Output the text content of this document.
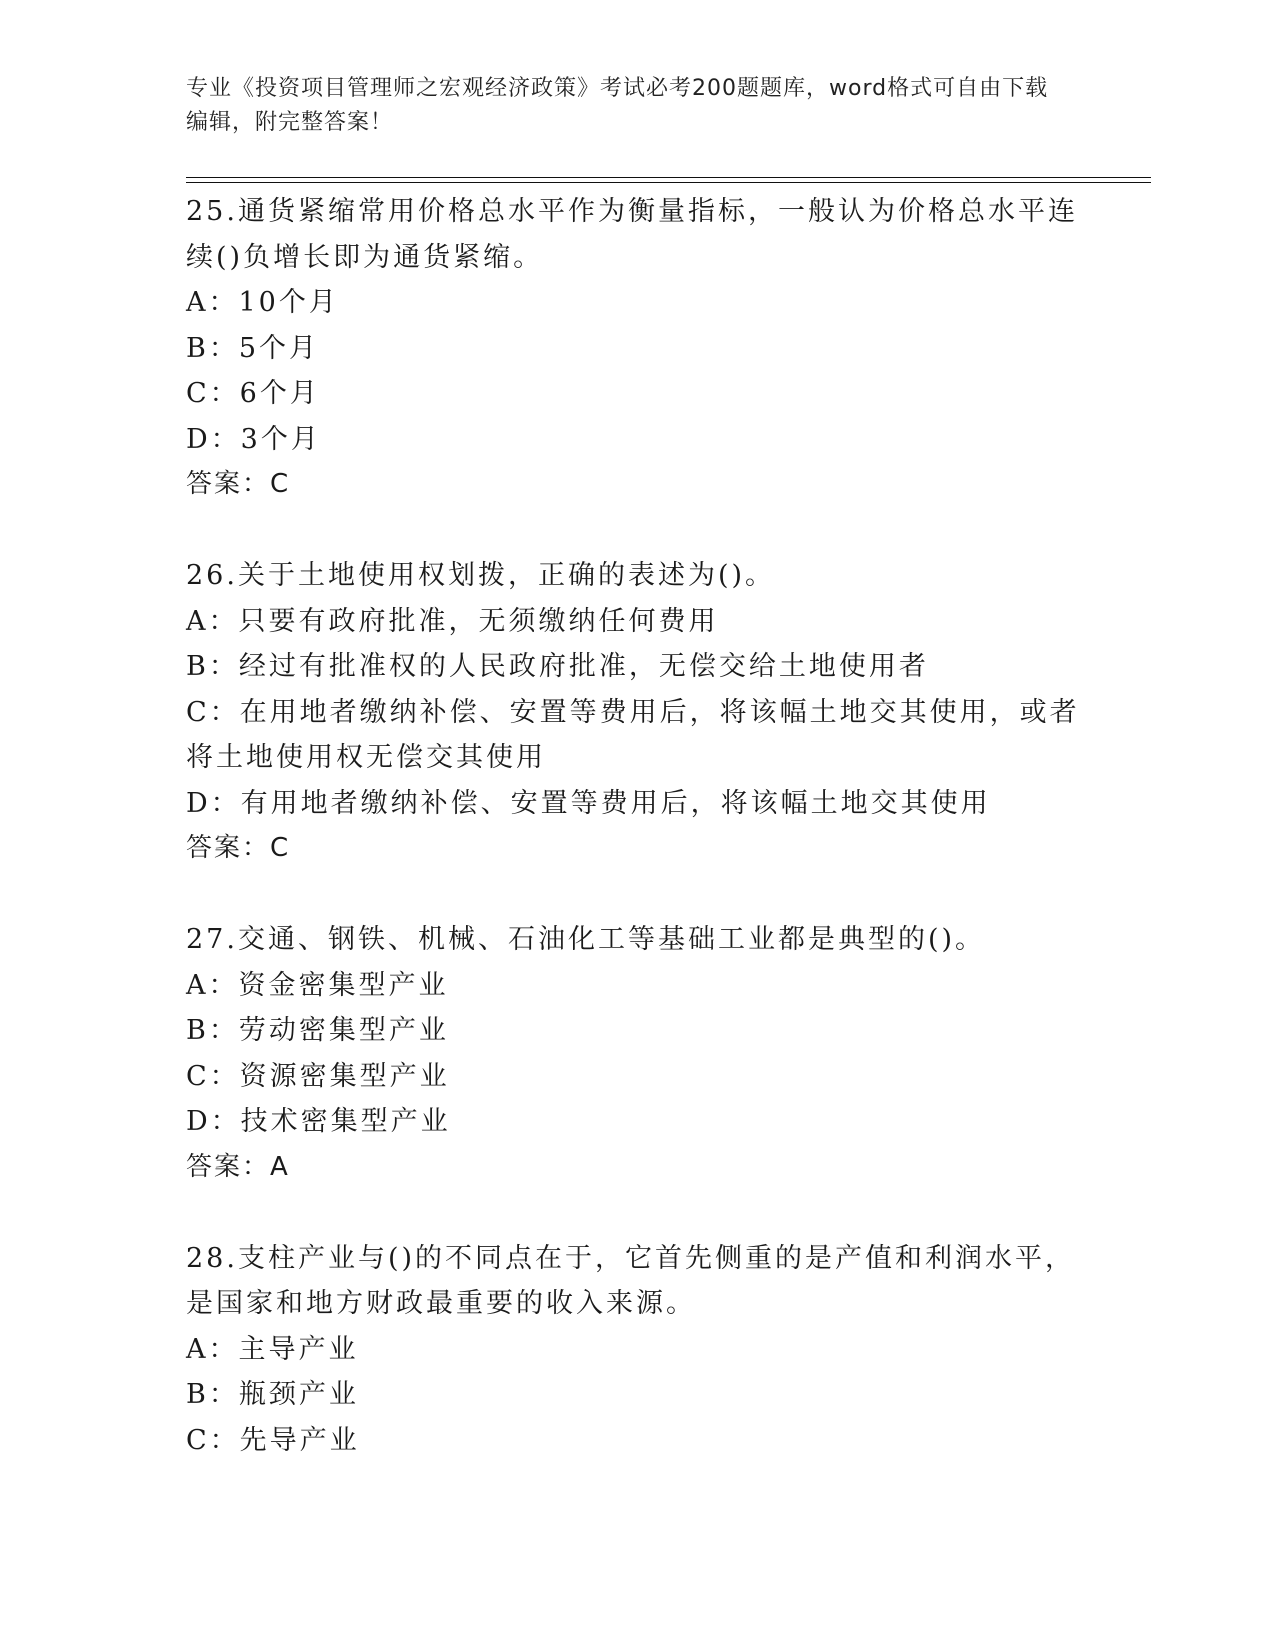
专业《投资项目管理师之宏观经济政策》考试必考200题题库，word格式可自由下载编辑，附完整答案！

25.通货紧缩常用价格总水平作为衡量指标，一般认为价格总水平连续()负增长即为通货紧缩。

A：10个月

B：5个月

C：6个月

D：3个月

答案：C

26.关于土地使用权划拨，正确的表述为()。

A：只要有政府批准，无须缴纳任何费用

B：经过有批准权的人民政府批准，无偿交给土地使用者

C：在用地者缴纳补偿、安置等费用后，将该幅土地交其使用，或者将土地使用权无偿交其使用

D：有用地者缴纳补偿、安置等费用后，将该幅土地交其使用

答案：C

27.交通、钢铁、机械、石油化工等基础工业都是典型的()。

A：资金密集型产业

B：劳动密集型产业

C：资源密集型产业

D：技术密集型产业

答案：A

28.支柱产业与()的不同点在于，它首先侧重的是产值和利润水平，是国家和地方财政最重要的收入来源。

A：主导产业

B：瓶颈产业

C：先导产业
